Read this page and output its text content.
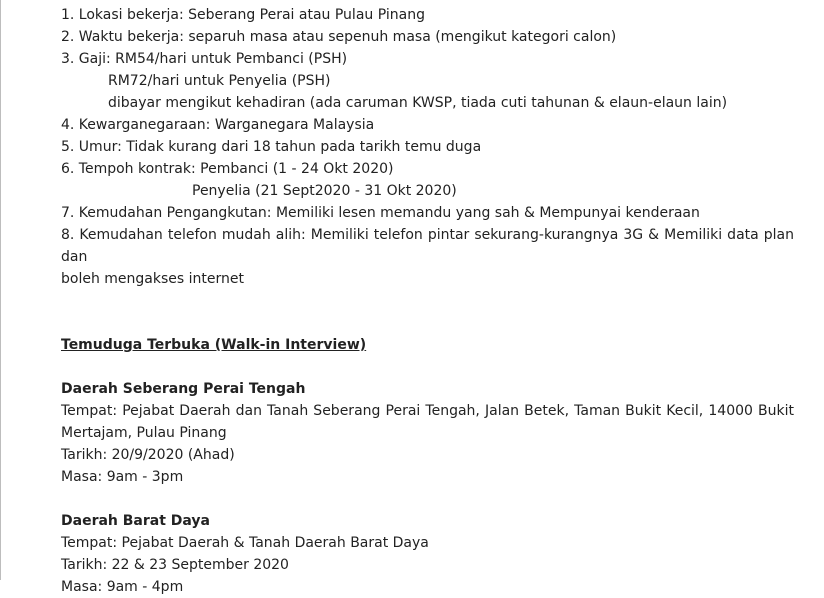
1. Lokasi bekerja: Seberang Perai atau Pulau Pinang
2. Waktu bekerja: separuh masa atau sepenuh masa (mengikut kategori calon)
3. Gaji: RM54/hari untuk Pembanci (PSH)
RM72/hari untuk Penyelia (PSH)
dibayar mengikut kehadiran (ada caruman KWSP, tiada cuti tahunan & elaun-elaun lain)
4. Kewarganegaraan: Warganegara Malaysia
5. Umur: Tidak kurang dari 18 tahun pada tarikh temu duga
6. Tempoh kontrak: Pembanci (1 - 24 Okt 2020)
Penyelia (21 Sept2020 - 31 Okt 2020)
7. Kemudahan Pengangkutan: Memiliki lesen memandu yang sah & Mempunyai kenderaan
8. Kemudahan telefon mudah alih: Memiliki telefon pintar sekurang-kurangnya 3G & Memiliki data plan dan
boleh mengakses internet
Temuduga Terbuka (Walk-in Interview)
Daerah Seberang Perai Tengah
Tempat: Pejabat Daerah dan Tanah Seberang Perai Tengah, Jalan Betek, Taman Bukit Kecil, 14000 Bukit
Mertajam, Pulau Pinang
Tarikh: 20/9/2020 (Ahad)
Masa: 9am - 3pm
Daerah Barat Daya
Tempat: Pejabat Daerah & Tanah Daerah Barat Daya
Tarikh: 22 & 23 September 2020
Masa: 9am - 4pm
